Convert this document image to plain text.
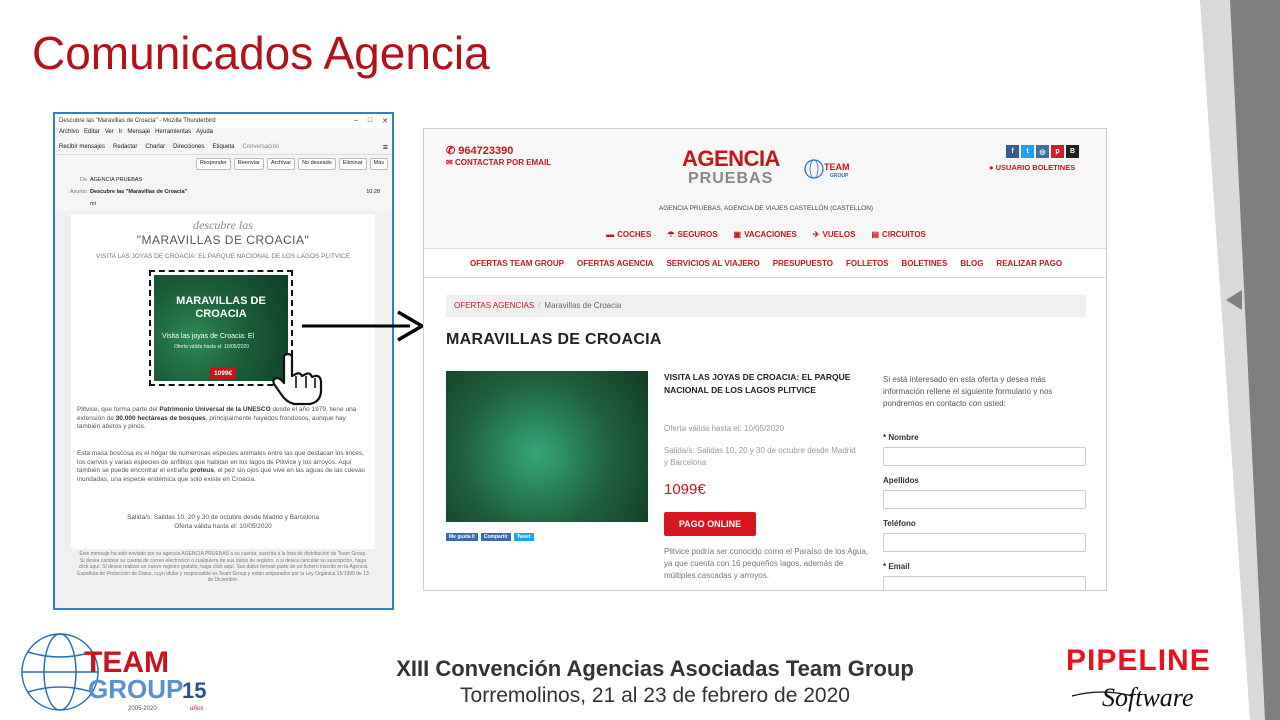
Comunicados Agencia
Descubre las "Maravillas de Croacia" - Mozilla Thunderbird	– □ ✕
Archivo Editar Ver Ir Mensaje Herramientas Ayuda
Recibir mensajes Redactar Charlar Direcciones Etiqueta Conversación	≡
Responder	Reenviar	Archivar	No deseado	Eliminar	Más
De AGENCIA PRUEBAS
Asunto Descubre las "Maravillas de Croacia"	10:28
mi
descubre las
"MARAVILLAS DE CROACIA"
VISITA LAS JOYAS DE CROACIA: EL PARQUE NACIONAL DE LOS LAGOS PLITVICE
MARAVILLAS DE CROACIA
Visita las joyas de Croacia: El
Oferta válida hasta el: 10/05/2020
1099€
Plitvice, que forma parte del Patrimonio Universal de la UNESCO desde el año 1979, tiene una extensión de 30.000 hectáreas de bosques, principalmente hayedos frondosos, aunque hay también abetos y pinos.
Esta masa boscosa es el hogar de numerosas especies animales entre las que destacan los linces, los ciervos y varias especies de anfibios que habitan en los lagos de Plitvice y los arroyos. Aquí también se puede encontrar el extraño proteus, el pez sin ojos que vive en las aguas de las cuevas inundadas, una especie endémica que solo existe en Croacia.
Salida/s: Salidas 10, 20 y 30 de octubre desde Madrid y Barcelona
Oferta válida hasta el: 10/05/2020
Este mensaje ha sido enviado por su agencia AGENCIA PRUEBAS a su cuenta, suscrita a la lista de distribución de Team Group. Si desea cambiar su cuenta de correo electrónico o cualquiera de sus datos de registro, o si desea cancelar su suscripción, haga click aquí. Si desea realizar un nuevo registro gratuito, haga click aquí. Sus datos forman parte de un fichero inscrito en la Agencia Española de Protección de Datos, cuyo titular y responsable es Team Group y están amparados por la Ley Orgánica 15/1999 de 13 de Diciembre.
✆ 964723390
✉ CONTACTAR POR EMAIL	AGENCIA
PRUEBAS
TEAM
GROUP
f	t	◎	p	B
● USUARIO BOLETINES
AGENCIA PRUEBAS, AGENCIA DE VIAJES CASTELLÓN (CASTELLON)
▬ COCHES ☂ SEGUROS ▣ VACACIONES ✈ VUELOS ▤ CIRCUITOS
OFERTAS TEAM GROUP OFERTAS AGENCIA SERVICIOS AL VIAJERO PRESUPUESTO FOLLETOS BOLETINES BLOG REALIZAR PAGO
OFERTAS AGENCIAS / Maravillas de Croacia
MARAVILLAS DE CROACIA
Me gusta 0	Compartir	Tweet
VISITA LAS JOYAS DE CROACIA: EL PARQUE NACIONAL DE LOS LAGOS PLITVICE
Oferta válida hasta el: 10/05/2020
Salida/s: Salidas 10, 20 y 30 de octubre desde Madrid y Barcelona
1099€
PAGO ONLINE
Plitvice podría ser conocido como el Paraíso de los Agua, ya que cuenta con 16 pequeños lagos, además de múltiples cascadas y arroyos.
Si está interesado en esta oferta y desea más información rellene el siguiente formulario y nos pondremos en contacto con usted:
* Nombre
Apellidos
Teléfono
* Email
TEAM
GROUP
15
años
2005-2020
XIII Convención Agencias Asociadas Team Group
Torremolinos, 21 al 23 de febrero de 2020
PIPELINE
Software
